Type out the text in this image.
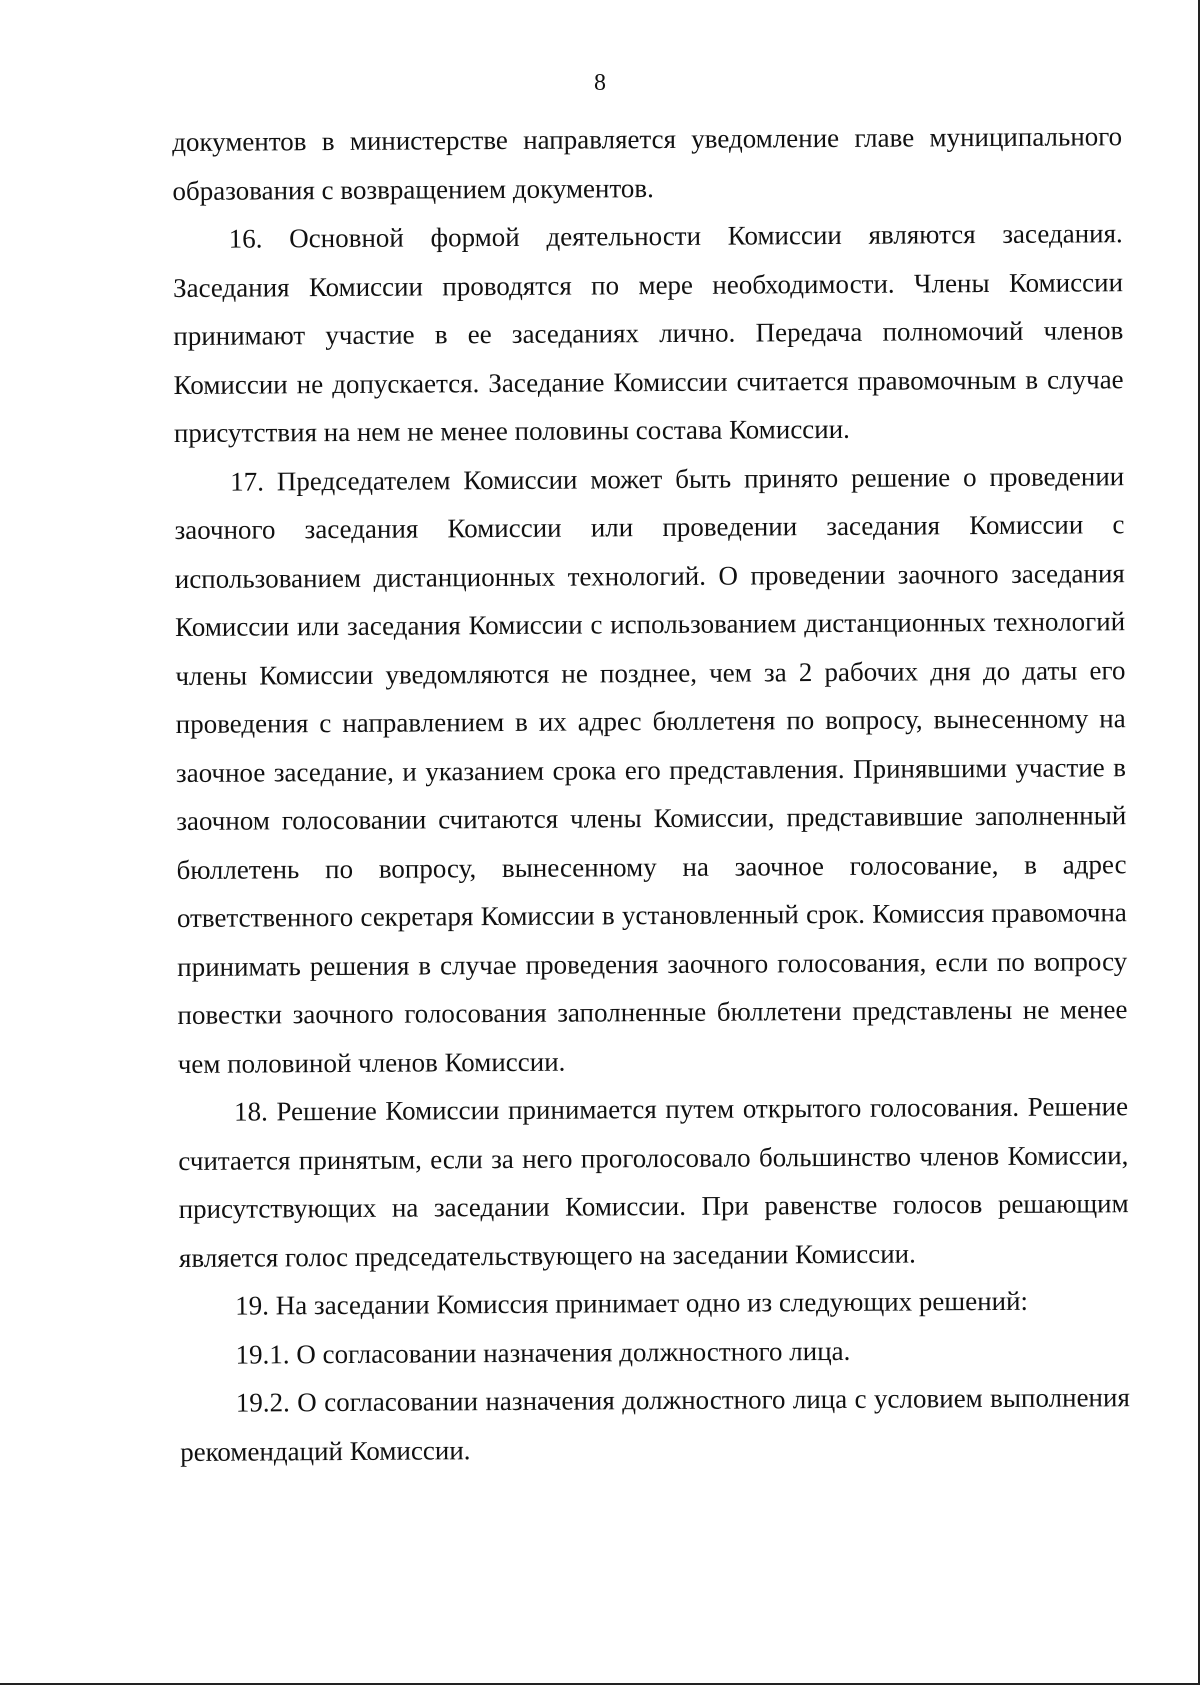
8

документов в министерстве направляется уведомление главе муниципального образования с возвращением документов.

16. Основной формой деятельности Комиссии являются заседания. Заседания Комиссии проводятся по мере необходимости. Члены Комиссии принимают участие в ее заседаниях лично. Передача полномочий членов Комиссии не допускается. Заседание Комиссии считается правомочным в случае присутствия на нем не менее половины состава Комиссии.

17. Председателем Комиссии может быть принято решение о проведении заочного заседания Комиссии или проведении заседания Комиссии с использованием дистанционных технологий. О проведении заочного заседания Комиссии или заседания Комиссии с использованием дистанционных технологий члены Комиссии уведомляются не позднее, чем за 2 рабочих дня до даты его проведения с направлением в их адрес бюллетеня по вопросу, вынесенному на заочное заседание, и указанием срока его представления. Принявшими участие в заочном голосовании считаются члены Комиссии, представившие заполненный бюллетень по вопросу, вынесенному на заочное голосование, в адрес ответственного секретаря Комиссии в установленный срок. Комиссия правомочна принимать решения в случае проведения заочного голосования, если по вопросу повестки заочного голосования заполненные бюллетени представлены не менее чем половиной членов Комиссии.

18. Решение Комиссии принимается путем открытого голосования. Решение считается принятым, если за него проголосовало большинство членов Комиссии, присутствующих на заседании Комиссии. При равенстве голосов решающим является голос председательствующего на заседании Комиссии.

19. На заседании Комиссия принимает одно из следующих решений:

19.1. О согласовании назначения должностного лица.

19.2. О согласовании назначения должностного лица с условием выполнения рекомендаций Комиссии.
